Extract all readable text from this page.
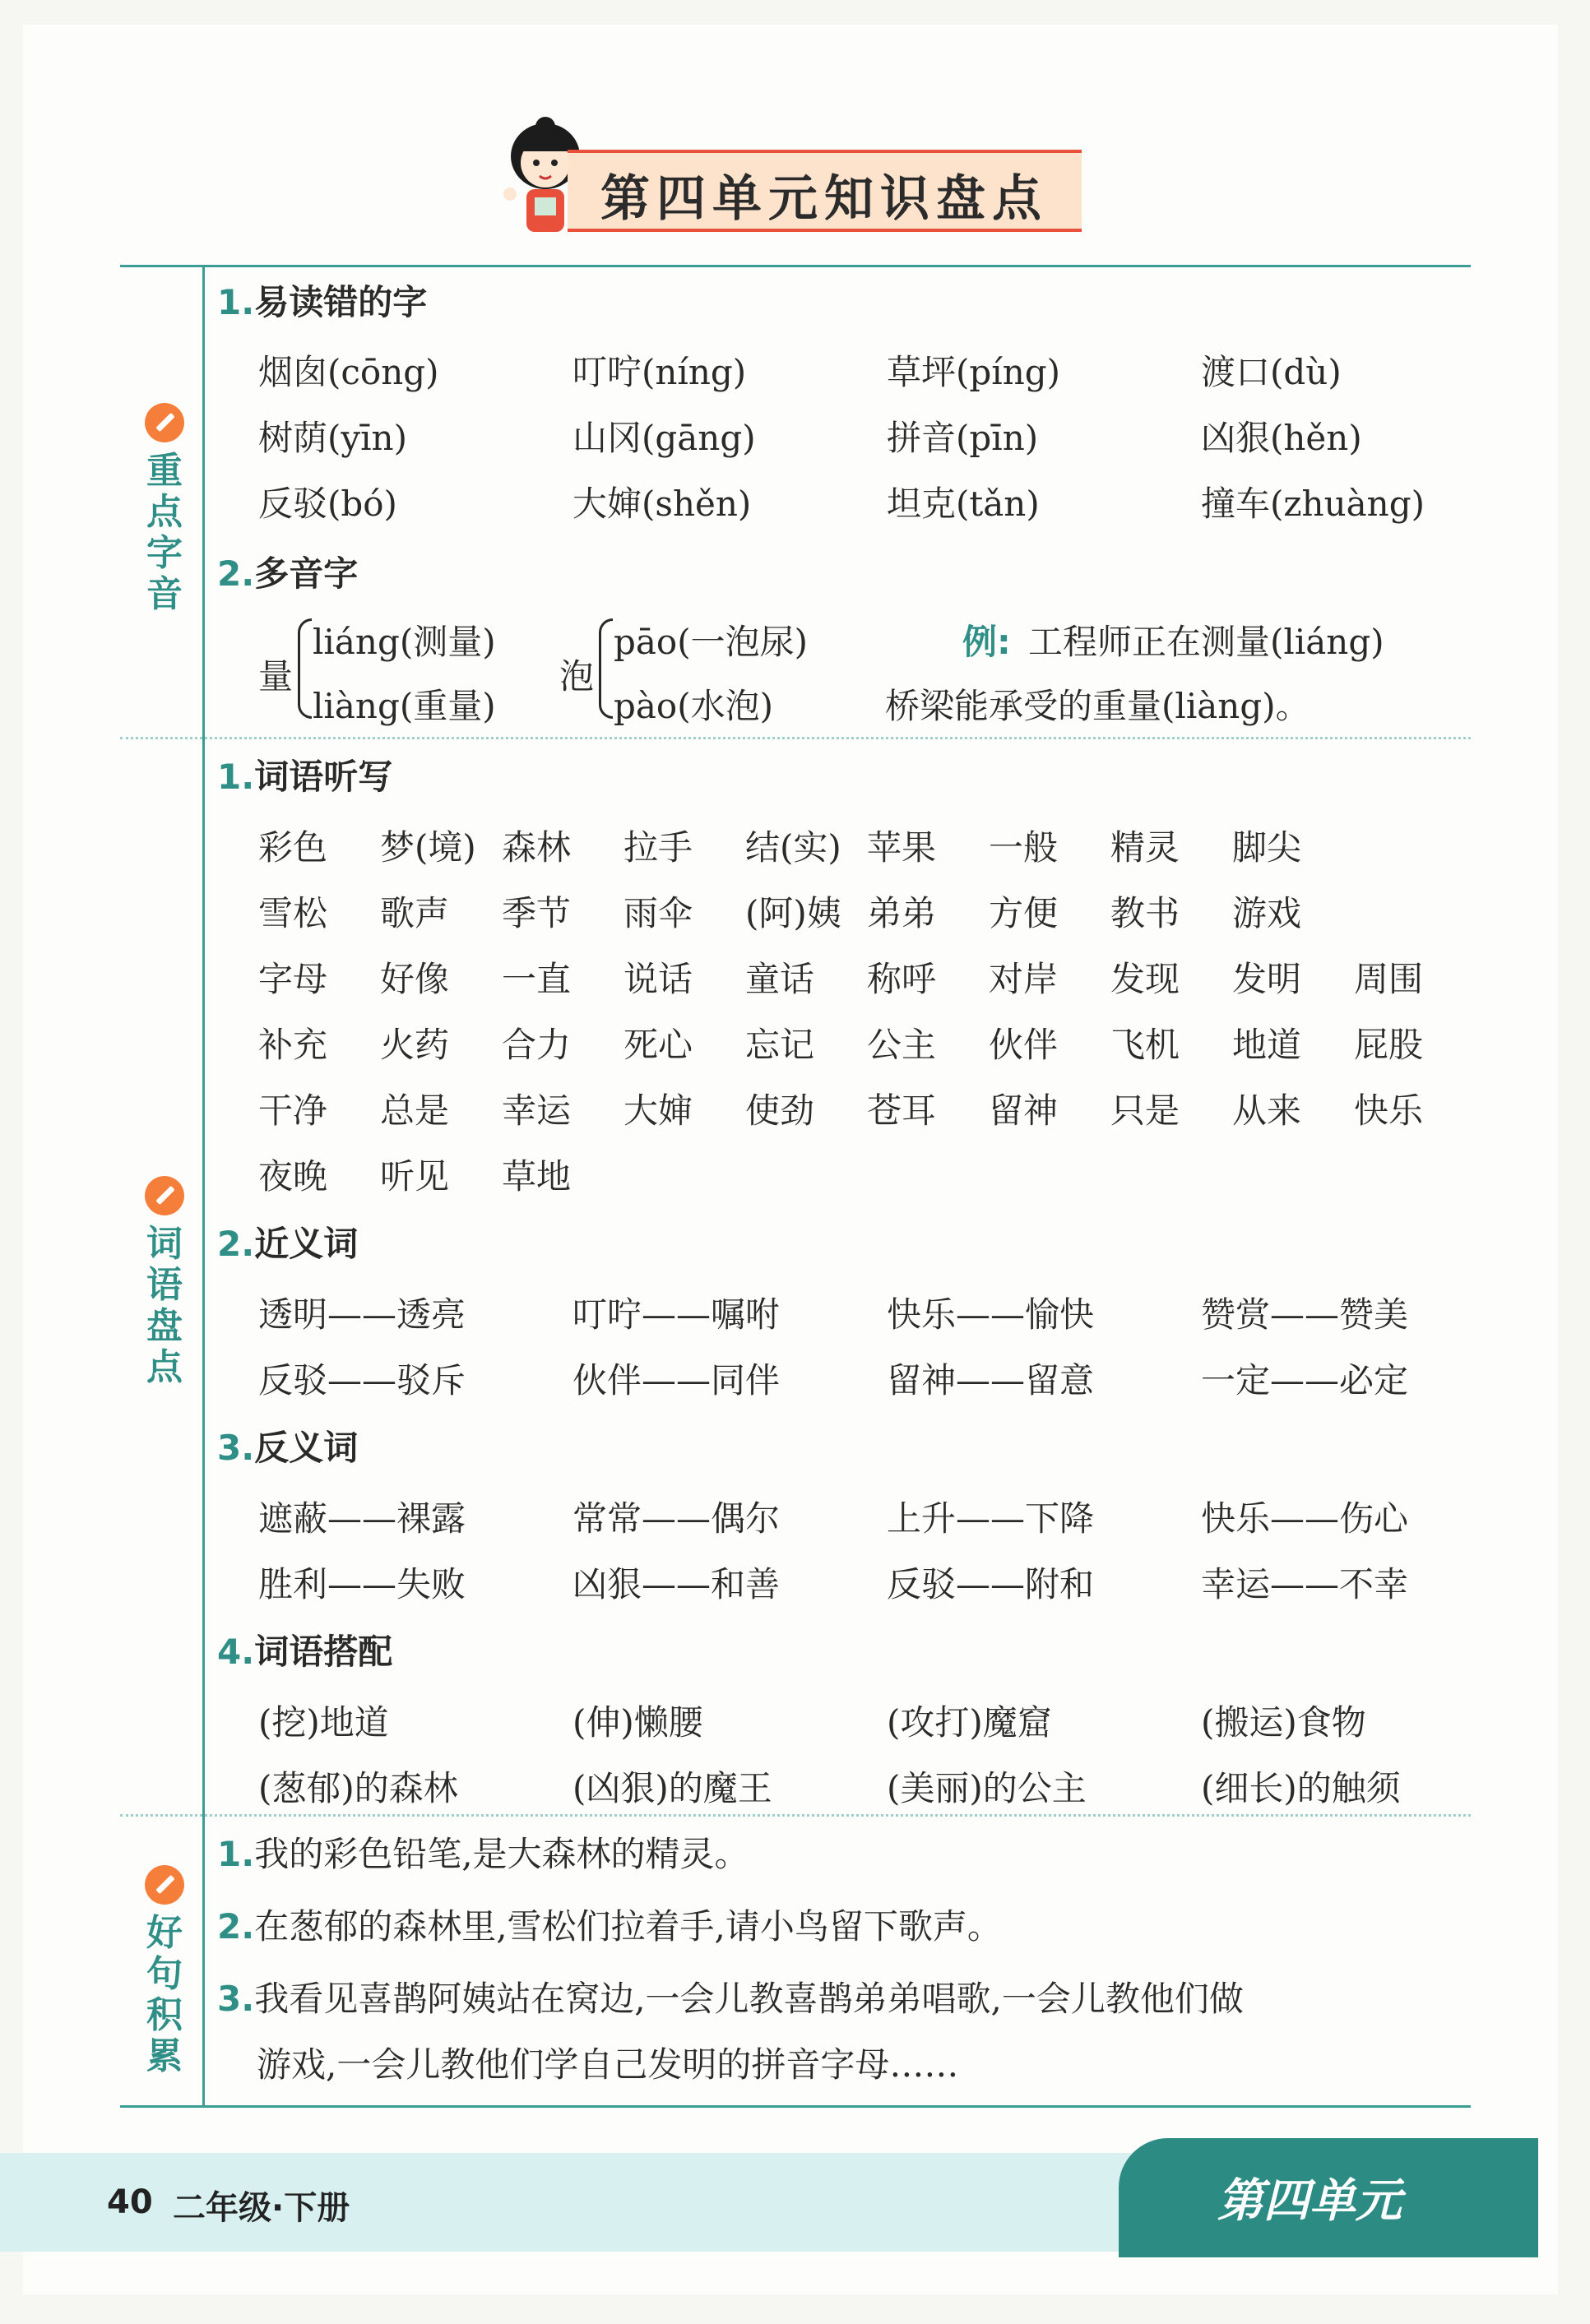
第四单元知识盘点
重点字音
词语盘点
好句积累
1.易读错的字
烟囱(cōng)	叮咛(níng)	草坪(píng)	渡口(dù)
树荫(yīn)	山冈(gāng)	拼音(pīn)	凶狠(hěn)
反驳(bó)	大婶(shěn)	坦克(tǎn)	撞车(zhuàng)
2.多音字
量
liáng(测量)
liàng(重量)
泡
pāo(一泡尿)
pào(水泡)
例: 工程师正在测量(liáng)
桥梁能承受的重量(liàng)。
1.词语听写
彩色 梦(境) 森林 拉手 结(实) 苹果 一般 精灵 脚尖
雪松 歌声 季节 雨伞 (阿)姨 弟弟 方便 教书 游戏
字母 好像 一直 说话 童话 称呼 对岸 发现 发明 周围
补充 火药 合力 死心 忘记 公主 伙伴 飞机 地道 屁股
干净 总是 幸运 大婶 使劲 苍耳 留神 只是 从来 快乐
夜晚 听见 草地
2.近义词
透明——透亮	叮咛——嘱咐	快乐——愉快	赞赏——赞美
反驳——驳斥	伙伴——同伴	留神——留意	一定——必定
3.反义词
遮蔽——裸露	常常——偶尔	上升——下降	快乐——伤心
胜利——失败	凶狠——和善	反驳——附和	幸运——不幸
4.词语搭配
(挖)地道	(伸)懒腰	(攻打)魔窟	(搬运)食物
(葱郁)的森林	(凶狠)的魔王	(美丽)的公主	(细长)的触须
1.我的彩色铅笔,是大森林的精灵。
2.在葱郁的森林里,雪松们拉着手,请小鸟留下歌声。
3.我看见喜鹊阿姨站在窝边,一会儿教喜鹊弟弟唱歌,一会儿教他们做
游戏,一会儿教他们学自己发明的拼音字母……
40 二年级·下册	第四单元
